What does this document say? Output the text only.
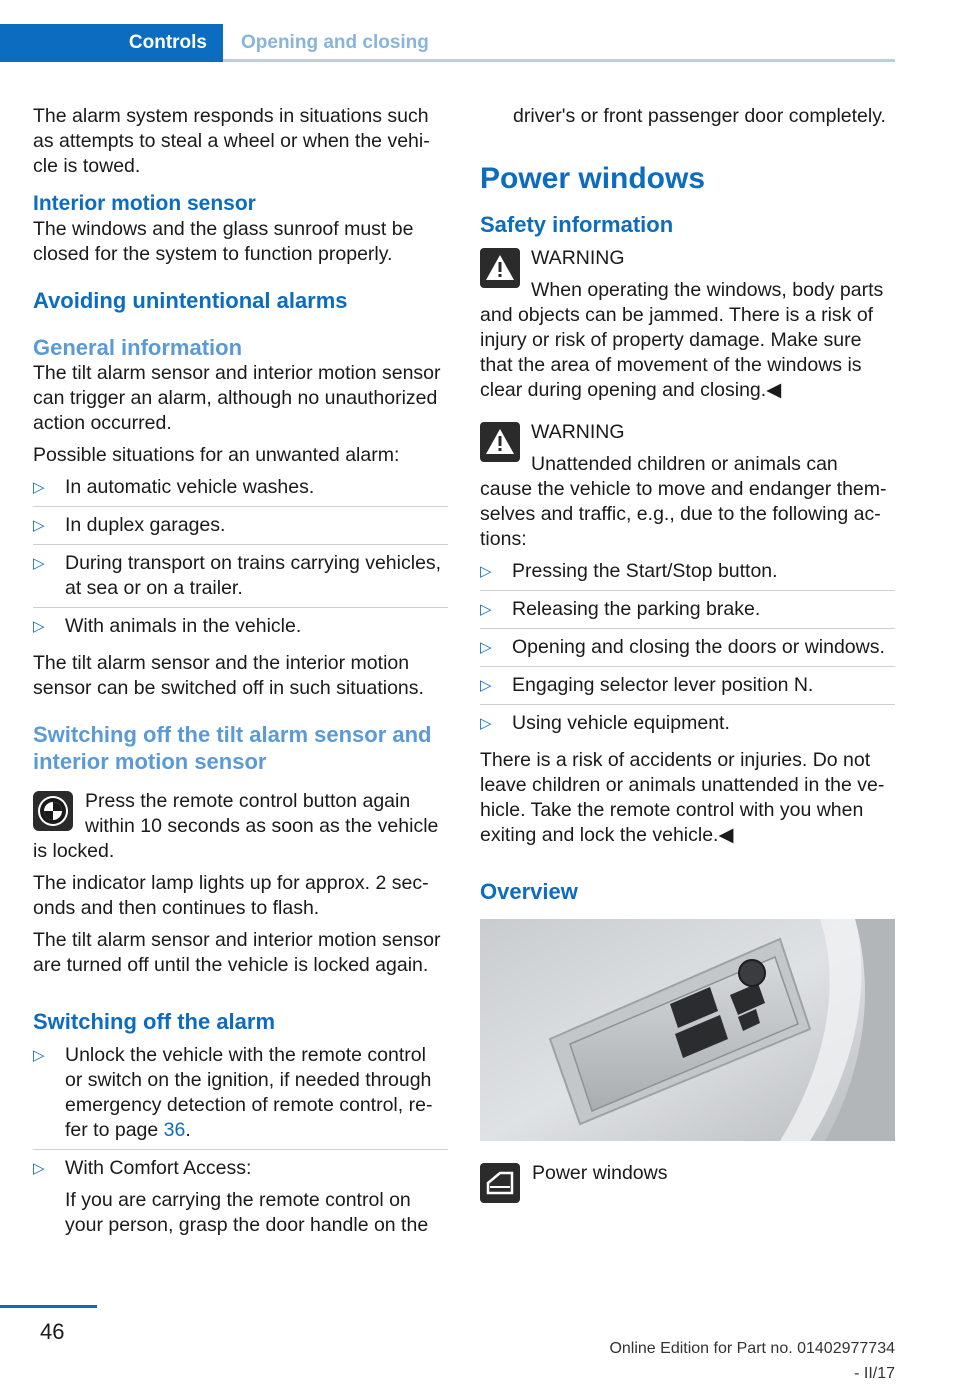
Controls	Opening and closing

The alarm system responds in situations such as attempts to steal a wheel or when the vehicle is towed.

Interior motion sensor

The windows and the glass sunroof must be closed for the system to function properly.

Avoiding unintentional alarms
General information

The tilt alarm sensor and interior motion sensor can trigger an alarm, although no unauthorized action occurred.

Possible situations for an unwanted alarm:

▷ In automatic vehicle washes.
▷ In duplex garages.
▷ During transport on trains carrying vehicles, at sea or on a trailer.
▷ With animals in the vehicle.

The tilt alarm sensor and the interior motion sensor can be switched off in such situations.

Switching off the tilt alarm sensor and interior motion sensor

Press the remote control button again within 10 seconds as soon as the vehicle is locked.

The indicator lamp lights up for approx. 2 seconds and then continues to flash.

The tilt alarm sensor and interior motion sensor are turned off until the vehicle is locked again.

Switching off the alarm
▷ Unlock the vehicle with the remote control or switch on the ignition, if needed through emergency detection of remote control, refer to page 36.
▷ With Comfort Access:

If you are carrying the remote control on your person, grasp the door handle on the

driver's or front passenger door completely.

Power windows
Safety information

WARNING

When operating the windows, body parts and objects can be jammed. There is a risk of injury or risk of property damage. Make sure that the area of movement of the windows is clear during opening and closing.◀

WARNING

Unattended children or animals can cause the vehicle to move and endanger themselves and traffic, e.g., due to the following actions:

▷ Pressing the Start/Stop button.
▷ Releasing the parking brake.
▷ Opening and closing the doors or windows.
▷ Engaging selector lever position N.
▷ Using vehicle equipment.

There is a risk of accidents or injuries. Do not leave children or animals unattended in the vehicle. Take the remote control with you when exiting and lock the vehicle.◀

Overview

Power windows

46
Online Edition for Part no. 01402977734 - II/17
